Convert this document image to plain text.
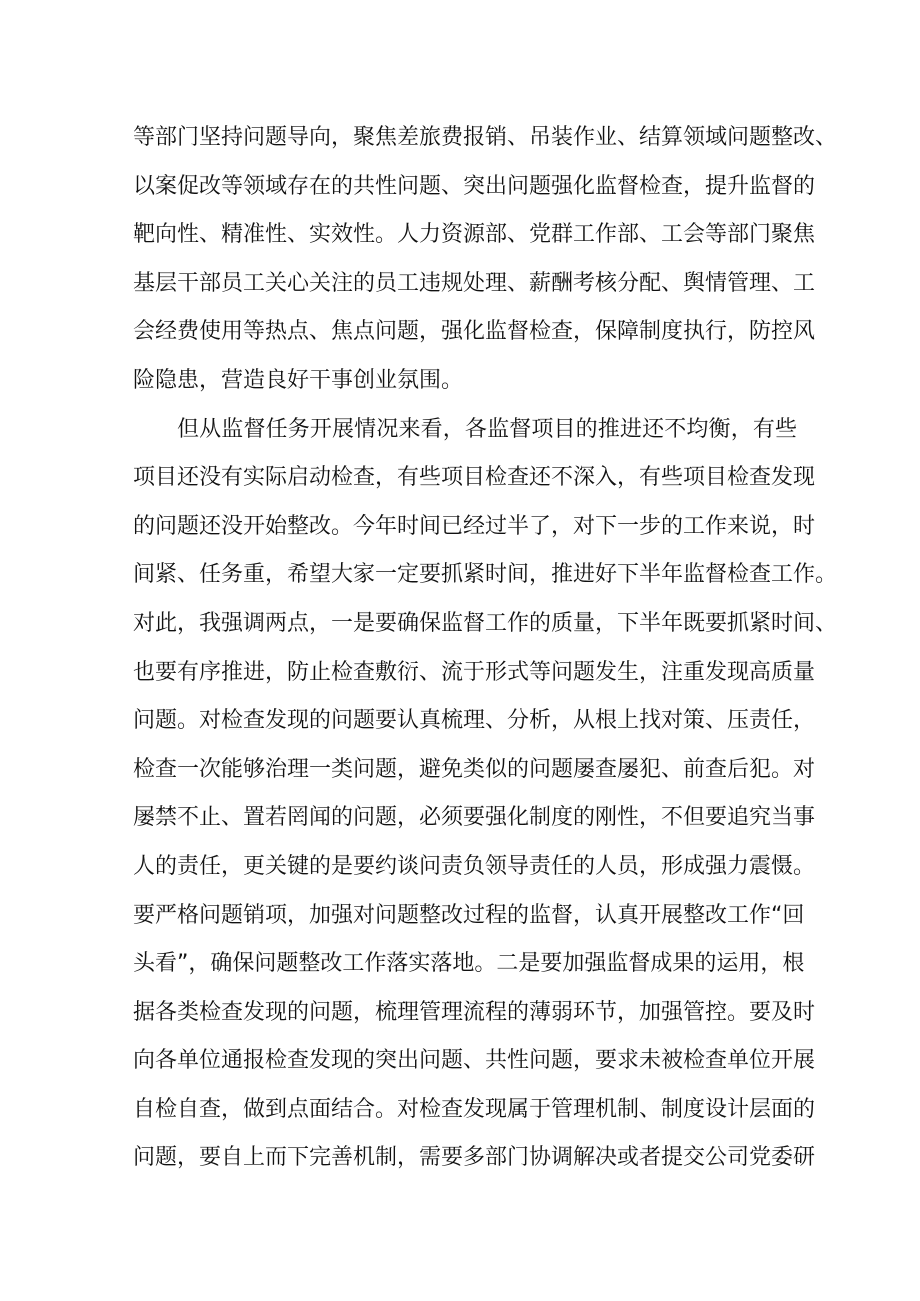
等部门坚持问题导向，聚焦差旅费报销、吊装作业、结算领域问题整改、
以案促改等领域存在的共性问题、突出问题强化监督检查，提升监督的
靶向性、精准性、实效性。人力资源部、党群工作部、工会等部门聚焦
基层干部员工关心关注的员工违规处理、薪酬考核分配、舆情管理、工
会经费使用等热点、焦点问题，强化监督检查，保障制度执行，防控风
险隐患，营造良好干事创业氛围。
但从监督任务开展情况来看，各监督项目的推进还不均衡，有些
项目还没有实际启动检查，有些项目检查还不深入，有些项目检查发现
的问题还没开始整改。今年时间已经过半了，对下一步的工作来说，时
间紧、任务重，希望大家一定要抓紧时间，推进好下半年监督检查工作。
对此，我强调两点，一是要确保监督工作的质量，下半年既要抓紧时间、
也要有序推进，防止检查敷衍、流于形式等问题发生，注重发现高质量
问题。对检查发现的问题要认真梳理、分析，从根上找对策、压责任，
检查一次能够治理一类问题，避免类似的问题屡查屡犯、前查后犯。对
屡禁不止、置若罔闻的问题，必须要强化制度的刚性，不但要追究当事
人的责任，更关键的是要约谈问责负领导责任的人员，形成强力震慑。
要严格问题销项，加强对问题整改过程的监督，认真开展整改工作“回
头看”，确保问题整改工作落实落地。二是要加强监督成果的运用，根
据各类检查发现的问题，梳理管理流程的薄弱环节，加强管控。要及时
向各单位通报检查发现的突出问题、共性问题，要求未被检查单位开展
自检自查，做到点面结合。对检查发现属于管理机制、制度设计层面的
问题，要自上而下完善机制，需要多部门协调解决或者提交公司党委研
